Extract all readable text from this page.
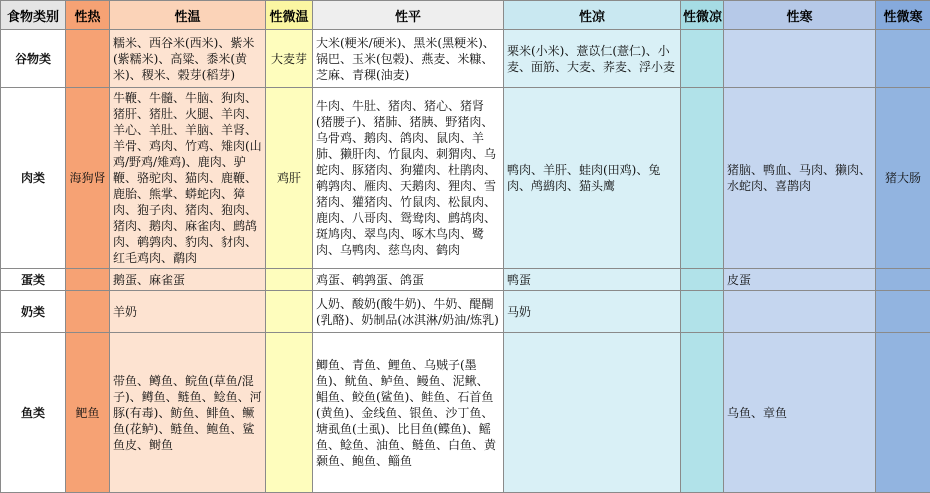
食物类别	性热	性温	性微温	性平	性凉	性微凉	性寒	性微寒
谷物类		糯米、西谷米(西米)、紫米(紫糯米)、高粱、黍米(黄米)、稷米、榖芽(稻芽)	大麦芽	大米(粳米/硬米)、黑米(黑粳米)、锅巴、玉米(包榖)、燕麦、米糠、芝麻、青稞(油麦)	栗米(小米)、薏苡仁(薏仁)、小麦、面筋、大麦、荞麦、浮小麦			
肉类	海狗肾	牛鞭、牛髓、牛脑、狗肉、猪肝、猪肚、火腿、羊肉、羊心、羊肚、羊脑、羊肾、羊骨、鸡肉、竹鸡、雉肉(山鸡/野鸡/雉鸡)、鹿肉、驴鞭、骆驼肉、猫肉、鹿鞭、鹿胎、熊掌、蟒蛇肉、獐肉、狍子肉、猪肉、狍肉、猪肉、鹅肉、麻雀肉、鹧鸪肉、鹌鹑肉、豹肉、豺肉、红毛鸡肉、鹬肉	鸡肝	牛肉、牛肚、猪肉、猪心、猪肾(猪腰子)、猪肺、猪胰、野猪肉、乌骨鸡、鹅肉、鸽肉、鼠肉、羊肺、獭肝肉、竹鼠肉、刺猬肉、乌蛇肉、豚猪肉、狗獾肉、杜鹃肉、鹌鹑肉、雁肉、天鹅肉、狸肉、雪猪肉、獾猪肉、竹鼠肉、松鼠肉、鹿肉、八哥肉、鸳鸯肉、鹧鸪肉、斑鸠肉、翠鸟肉、啄木鸟肉、鹭肉、乌鸭肉、慈鸟肉、鹤肉	鸭肉、羊肝、蛙肉(田鸡)、兔肉、鸬鹚肉、猫头鹰		猪脑、鸭血、马肉、獭肉、水蛇肉、喜鹊肉	猪大肠
蛋类		鹅蛋、麻雀蛋		鸡蛋、鹌鹑蛋、鸽蛋	鸭蛋		皮蛋	
奶类		羊奶		人奶、酸奶(酸牛奶)、牛奶、醍醐(乳酪)、奶制品(冰淇淋/奶油/炼乳)	马奶			
鱼类	鲃鱼	带鱼、鳟鱼、鲩鱼(草鱼/混子)、鳟鱼、鲢鱼、鲶鱼、河豚(有毒)、鲂鱼、鲱鱼、鳜鱼(花鲈)、鲢鱼、鲍鱼、鲨鱼皮、鲥鱼		鲫鱼、青鱼、鲤鱼、乌贼子(墨鱼)、鱿鱼、鲈鱼、鳗鱼、泥鳅、鲳鱼、鲛鱼(鲨鱼)、鲑鱼、石首鱼(黄鱼)、金线鱼、银鱼、沙丁鱼、塘虱鱼(土虱)、比目鱼(鲽鱼)、鳐鱼、鲶鱼、油鱼、鲢鱼、白鱼、黄颡鱼、鲍鱼、鲻鱼			乌鱼、章鱼	
